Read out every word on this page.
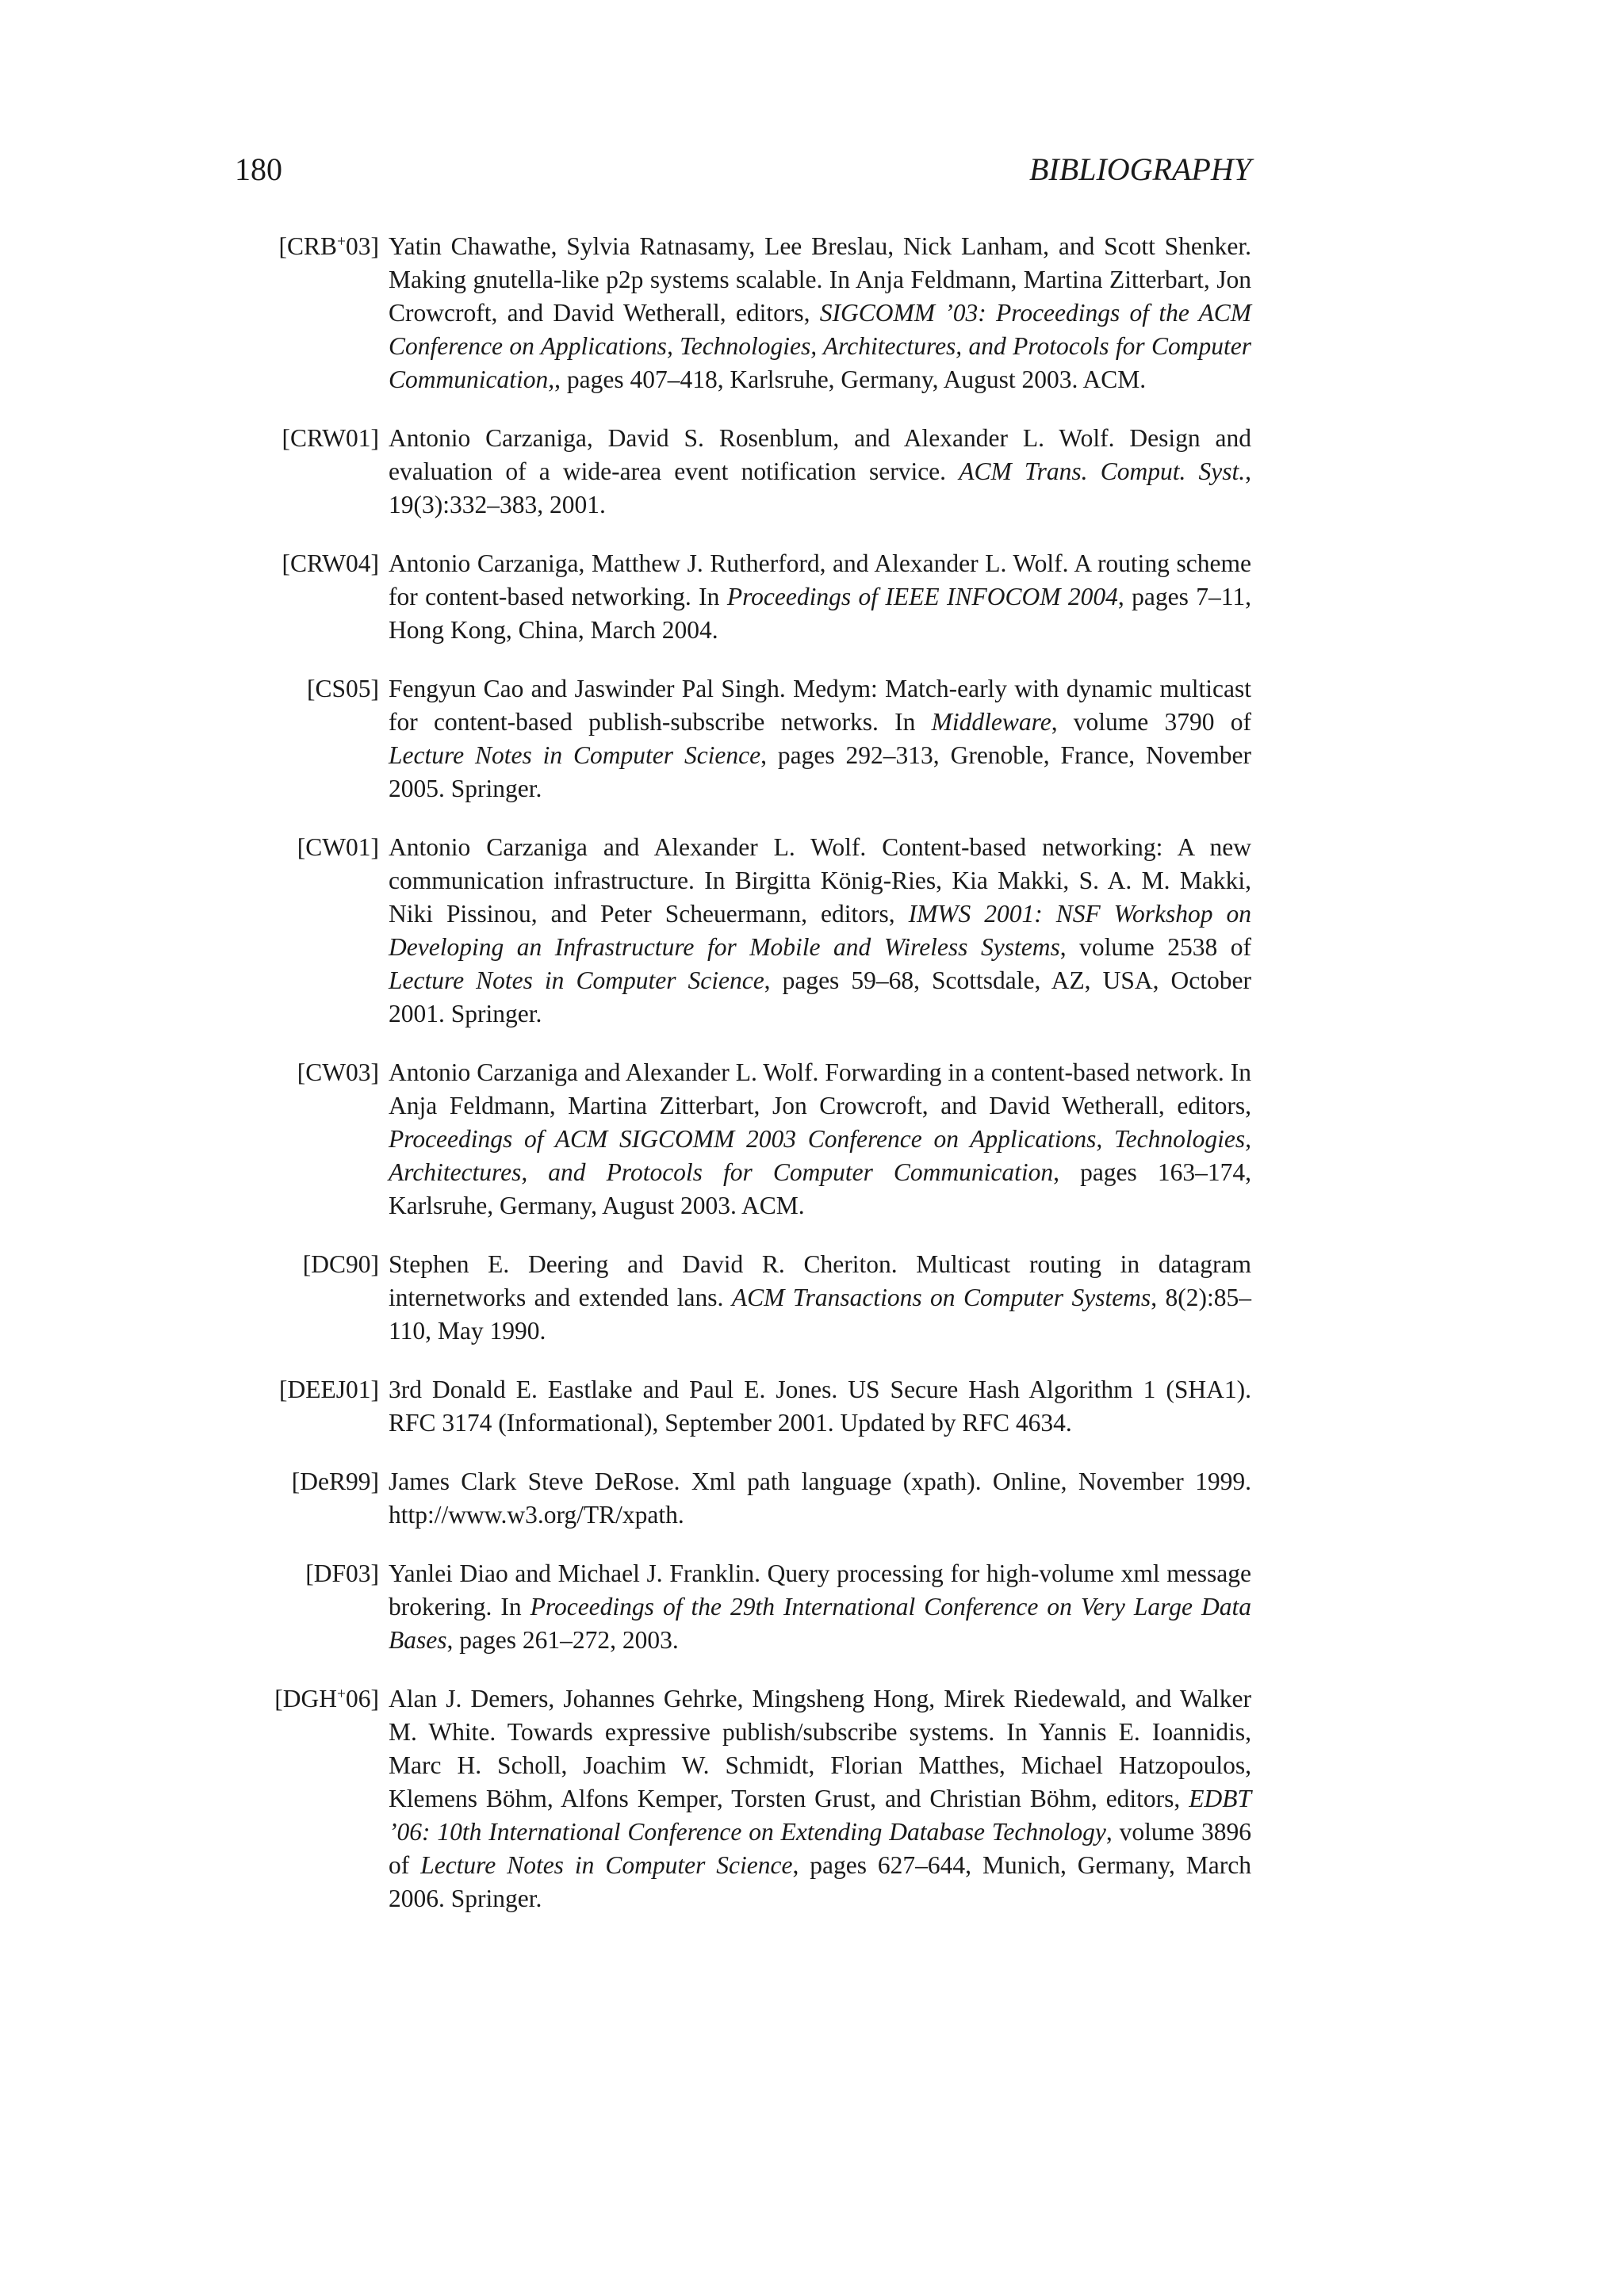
180	BIBLIOGRAPHY
[CRB+03] Yatin Chawathe, Sylvia Ratnasamy, Lee Breslau, Nick Lanham, and Scott Shenker. Making gnutella-like p2p systems scalable. In Anja Feldmann, Martina Zitterbart, Jon Crowcroft, and David Wetherall, editors, SIGCOMM ’03: Proceedings of the ACM Conference on Applications, Technologies, Architectures, and Protocols for Computer Communication,, pages 407–418, Karlsruhe, Germany, August 2003. ACM.
[CRW01] Antonio Carzaniga, David S. Rosenblum, and Alexander L. Wolf. Design and evaluation of a wide-area event notification service. ACM Trans. Comput. Syst., 19(3):332–383, 2001.
[CRW04] Antonio Carzaniga, Matthew J. Rutherford, and Alexander L. Wolf. A routing scheme for content-based networking. In Proceedings of IEEE INFOCOM 2004, pages 7–11, Hong Kong, China, March 2004.
[CS05] Fengyun Cao and Jaswinder Pal Singh. Medym: Match-early with dynamic multicast for content-based publish-subscribe networks. In Middleware, volume 3790 of Lecture Notes in Computer Science, pages 292–313, Grenoble, France, November 2005. Springer.
[CW01] Antonio Carzaniga and Alexander L. Wolf. Content-based networking: A new communication infrastructure. In Birgitta König-Ries, Kia Makki, S. A. M. Makki, Niki Pissinou, and Peter Scheuermann, editors, IMWS 2001: NSF Workshop on Developing an Infrastructure for Mobile and Wireless Systems, volume 2538 of Lecture Notes in Computer Science, pages 59–68, Scottsdale, AZ, USA, October 2001. Springer.
[CW03] Antonio Carzaniga and Alexander L. Wolf. Forwarding in a content-based network. In Anja Feldmann, Martina Zitterbart, Jon Crowcroft, and David Wetherall, editors, Proceedings of ACM SIGCOMM 2003 Conference on Applications, Technologies, Architectures, and Protocols for Computer Communication, pages 163–174, Karlsruhe, Germany, August 2003. ACM.
[DC90] Stephen E. Deering and David R. Cheriton. Multicast routing in datagram internetworks and extended lans. ACM Transactions on Computer Systems, 8(2):85–110, May 1990.
[DEEJ01] 3rd Donald E. Eastlake and Paul E. Jones. US Secure Hash Algorithm 1 (SHA1). RFC 3174 (Informational), September 2001. Updated by RFC 4634.
[DeR99] James Clark Steve DeRose. Xml path language (xpath). Online, November 1999. http://www.w3.org/TR/xpath.
[DF03] Yanlei Diao and Michael J. Franklin. Query processing for high-volume xml message brokering. In Proceedings of the 29th International Conference on Very Large Data Bases, pages 261–272, 2003.
[DGH+06] Alan J. Demers, Johannes Gehrke, Mingsheng Hong, Mirek Riedewald, and Walker M. White. Towards expressive publish/subscribe systems. In Yannis E. Ioannidis, Marc H. Scholl, Joachim W. Schmidt, Florian Matthes, Michael Hatzopoulos, Klemens Böhm, Alfons Kemper, Torsten Grust, and Christian Böhm, editors, EDBT ’06: 10th International Conference on Extending Database Technology, volume 3896 of Lecture Notes in Computer Science, pages 627–644, Munich, Germany, March 2006. Springer.
